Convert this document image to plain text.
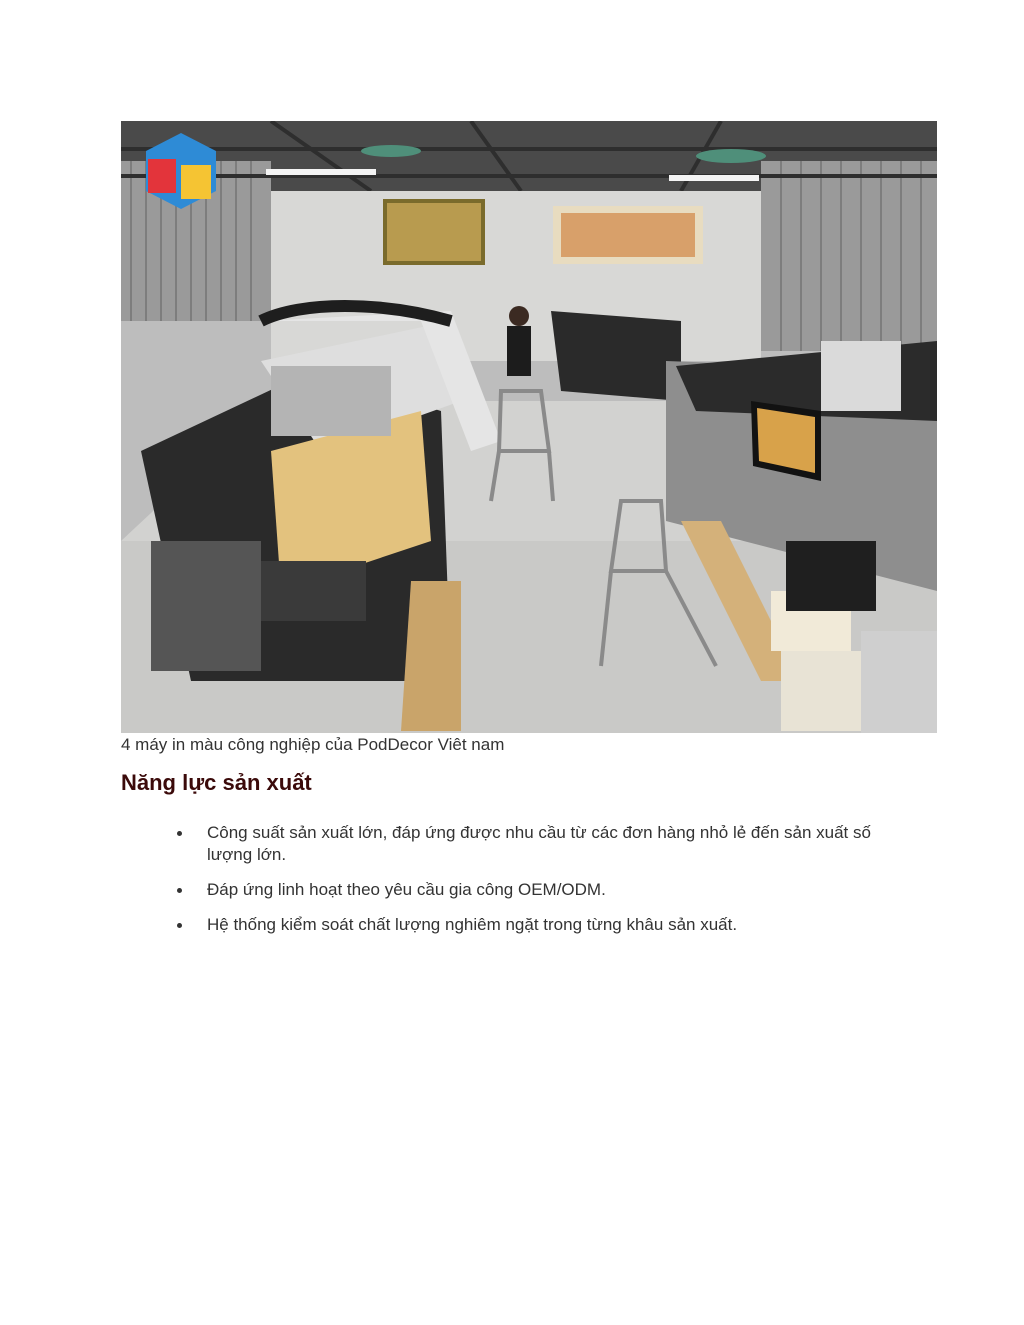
4 máy in màu công nghiệp của PodDecor Viêt nam
Năng lực sản xuất
Công suất sản xuất lớn, đáp ứng được nhu cầu từ các đơn hàng nhỏ lẻ đến sản xuất số lượng lớn.
Đáp ứng linh hoạt theo yêu cầu gia công OEM/ODM.
Hệ thống kiểm soát chất lượng nghiêm ngặt trong từng khâu sản xuất.
